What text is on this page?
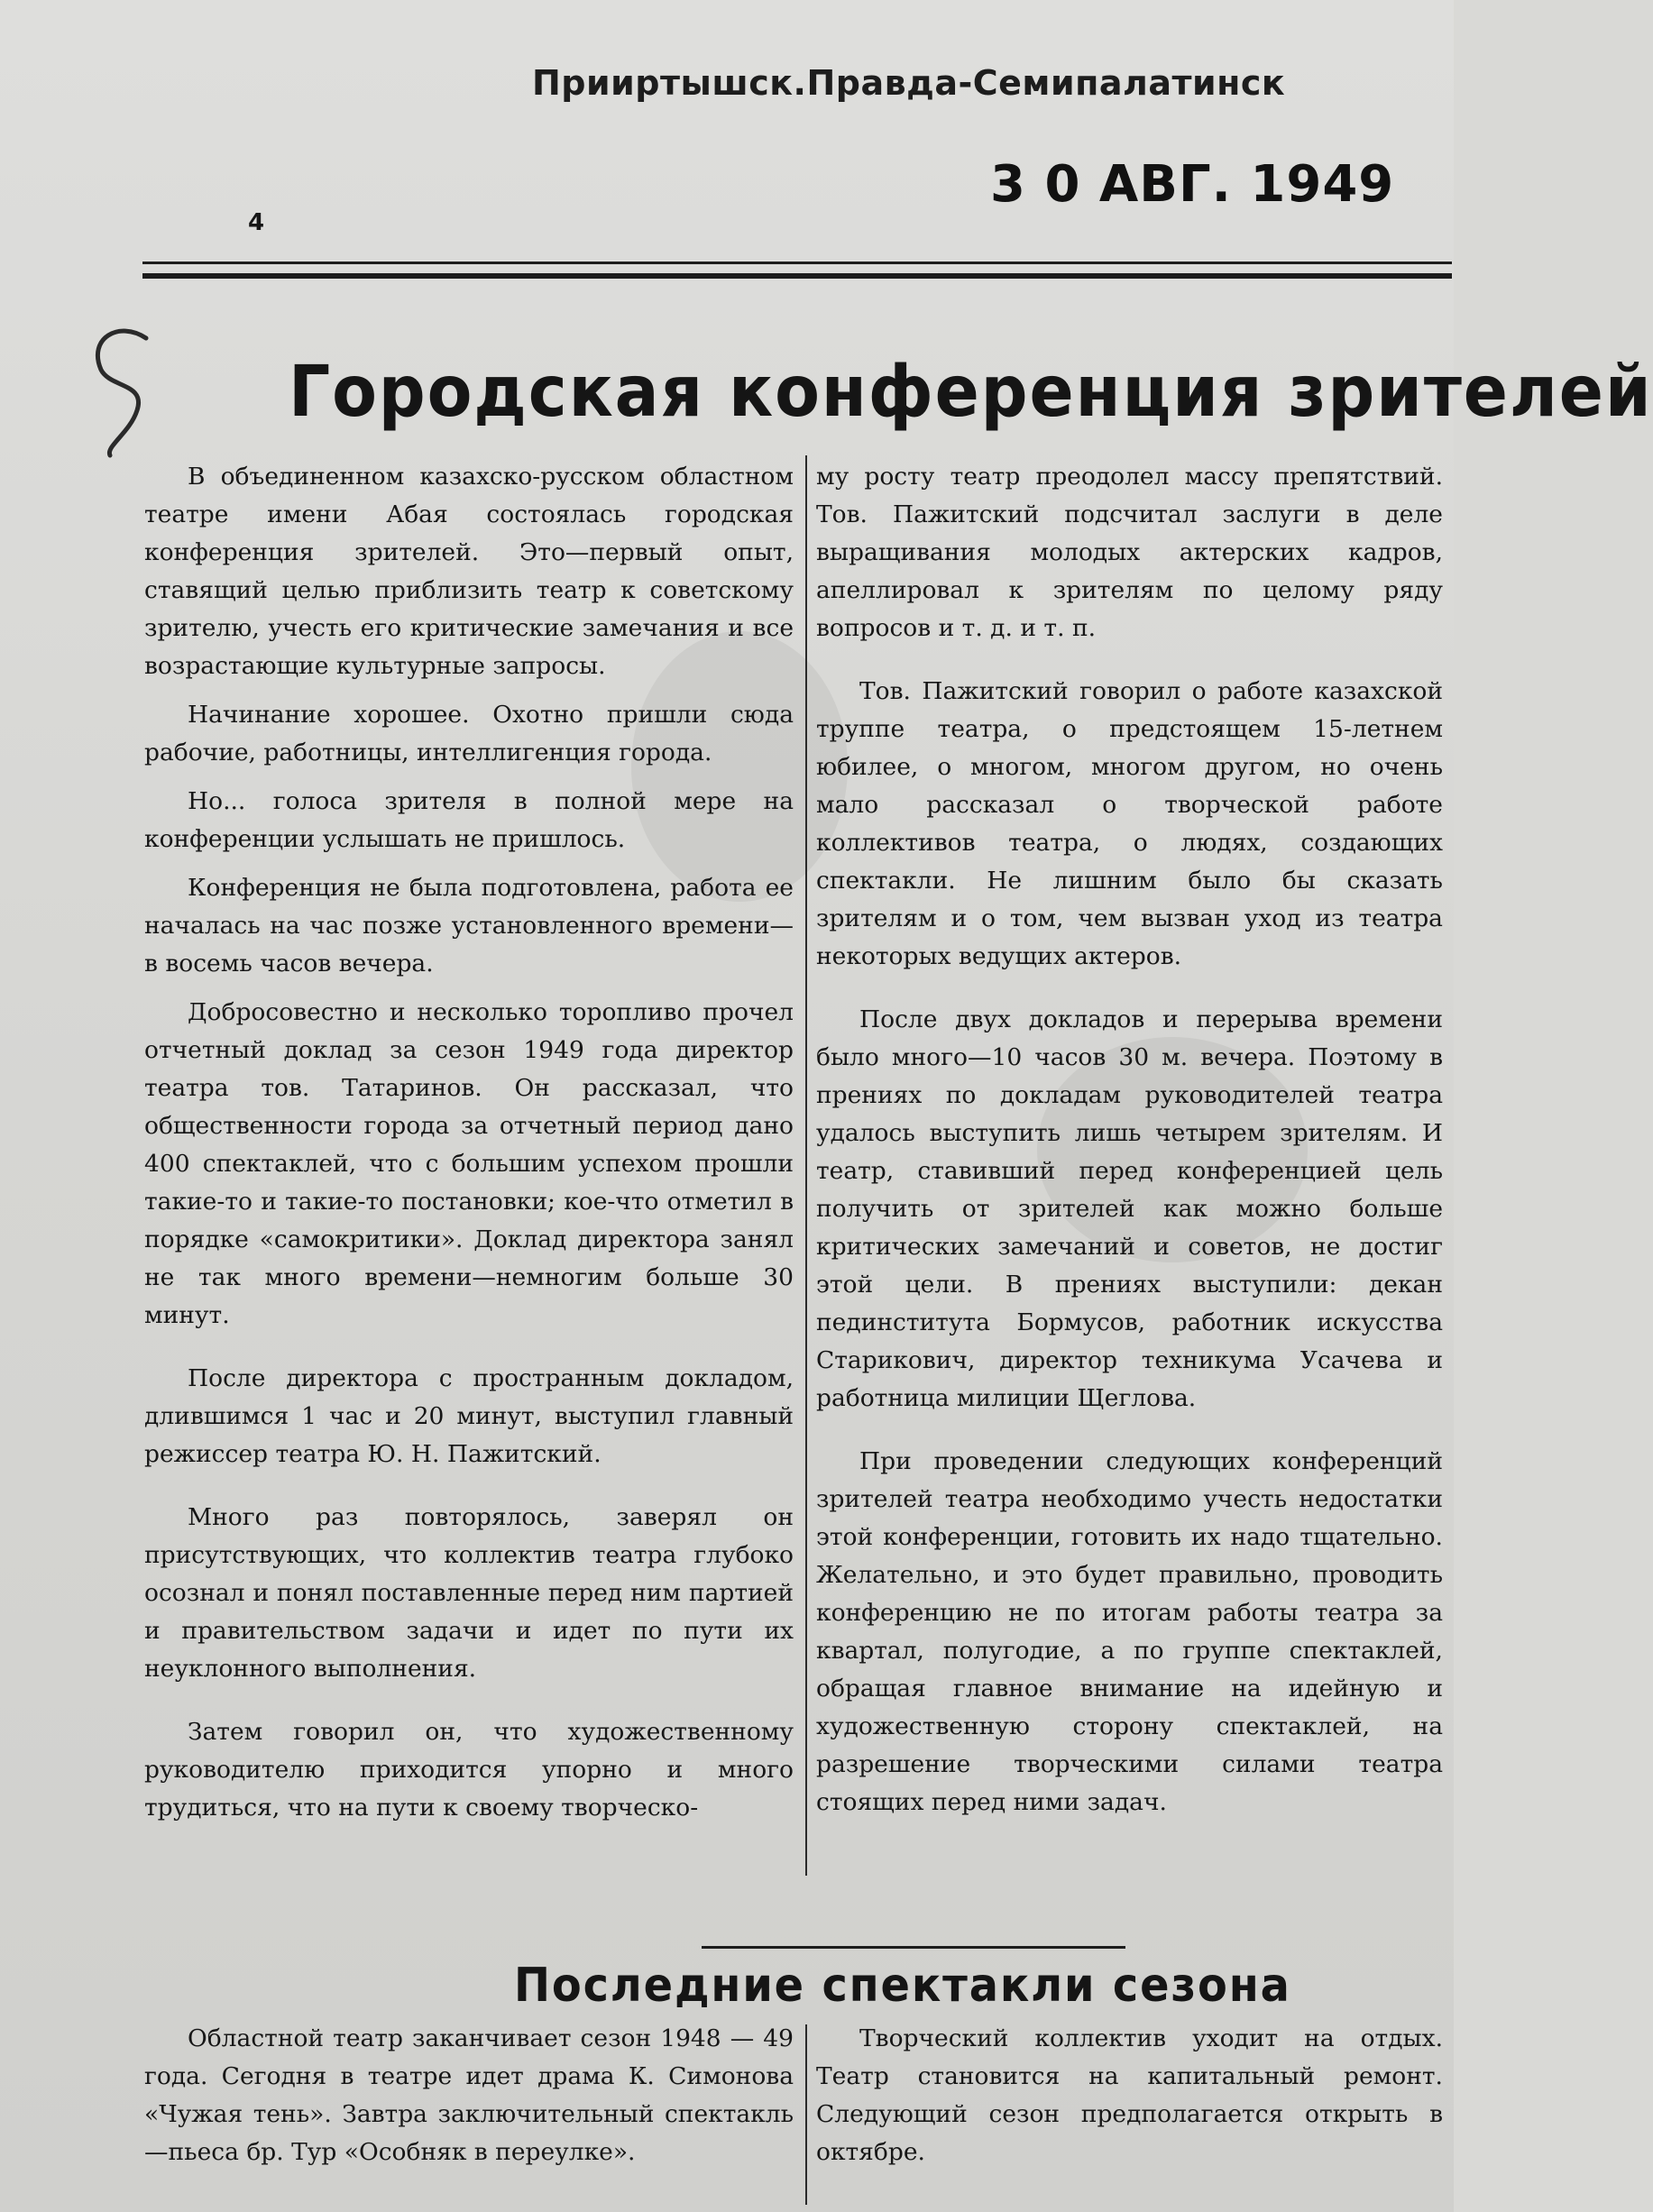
Прииртышск.Правда-Семипалатинск
3 0 АВГ. 1949
4
Городская конференция зрителей

В объединенном казахско-русском областном театре имени Абая состоялась городская конференция зрителей. Это—первый опыт, ставящий целью приблизить театр к советскому зрителю, учесть его критические замечания и все возрастающие культурные запросы.

Начинание хорошее. Охотно пришли сюда рабочие, работницы, интеллигенция города.

Но... голоса зрителя в полной мере на конференции услышать не пришлось.

Конференция не была подготовлена, работа ее началась на час позже установленного времени—в восемь часов вечера.

Добросовестно и несколько торопливо прочел отчетный доклад за сезон 1949 года директор театра тов. Татаринов. Он рассказал, что общественности города за отчетный период дано 400 спектаклей, что с большим успехом прошли такие-то и такие-то постановки; кое-что отметил в порядке «самокритики». Доклад директора занял не так много времени—немногим больше 30 минут.

После директора с пространным докладом, длившимся 1 час и 20 минут, выступил главный режиссер театра Ю. Н. Пажитский.

Много раз повторялось, заверял он присутствующих, что коллектив театра глубоко осознал и понял поставленные перед ним партией и правительством задачи и идет по пути их неуклонного выполнения.

Затем говорил он, что художественному руководителю приходится упорно и много трудиться, что на пути к своему творческо-

му росту театр преодолел массу препятствий. Тов. Пажитский подсчитал заслуги в деле выращивания молодых актерских кадров, апеллировал к зрителям по целому ряду вопросов и т. д. и т. п.

Тов. Пажитский говорил о работе казахской труппе театра, о предстоящем 15-летнем юбилее, о многом, многом другом, но очень мало рассказал о творческой работе коллективов театра, о людях, создающих спектакли. Не лишним было бы сказать зрителям и о том, чем вызван уход из театра некоторых ведущих актеров.

После двух докладов и перерыва времени было много—10 часов 30 м. вечера. Поэтому в прениях по докладам руководителей театра удалось выступить лишь четырем зрителям. И театр, ставивший перед конференцией цель получить от зрителей как можно больше критических замечаний и советов, не достиг этой цели. В прениях выступили: декан пединститута Бормусов, работник искусства Старикович, директор техникума Усачева и работница милиции Щеглова.

При проведении следующих конференций зрителей театра необходимо учесть недостатки этой конференции, готовить их надо тщательно. Желательно, и это будет правильно, проводить конференцию не по итогам работы театра за квартал, полугодие, а по группе спектаклей, обращая главное внимание на идейную и художественную сторону спектаклей, на разрешение творческими силами театра стоящих перед ними задач.

Последние спектакли сезона

Областной театр заканчивает сезон 1948 — 49 года. Сегодня в театре идет драма К. Симонова «Чужая тень». Завтра заключительный спектакль—пьеса бр. Тур «Особняк в переулке».

Творческий коллектив уходит на отдых. Театр становится на капитальный ремонт. Следующий сезон предполагается открыть в октябре.
